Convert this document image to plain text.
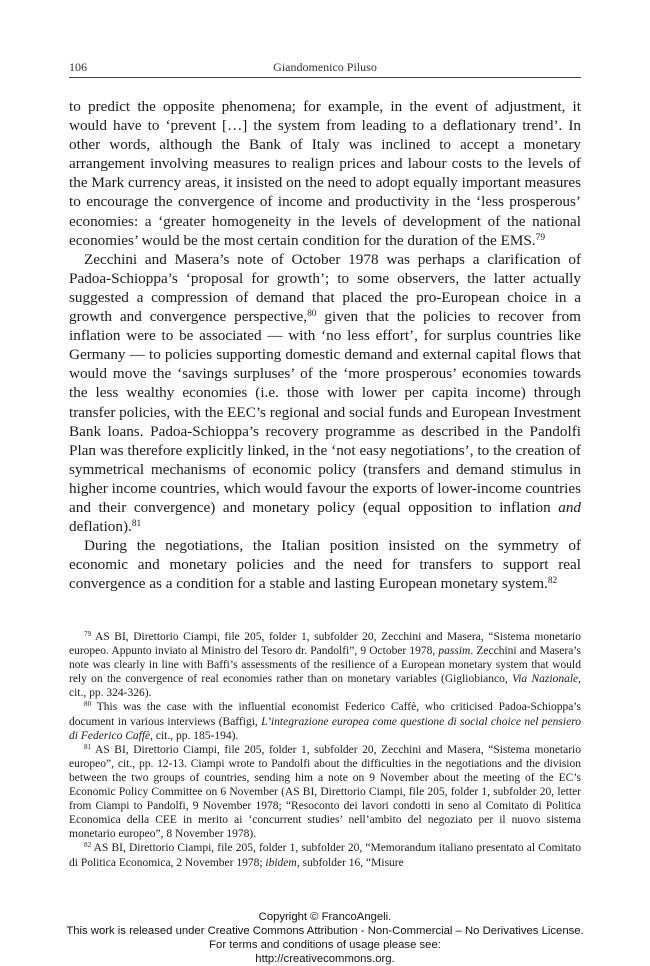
106	Giandomenico Piluso

to predict the opposite phenomena; for example, in the event of adjustment, it would have to ‘prevent […] the system from leading to a deflationary trend’. In other words, although the Bank of Italy was inclined to accept a monetary arrangement involving measures to realign prices and labour costs to the levels of the Mark currency areas, it insisted on the need to adopt equally important measures to encourage the convergence of income and productivity in the ‘less prosperous’ economies: a ‘greater homogeneity in the levels of development of the national economies’ would be the most certain condition for the duration of the EMS.$^{79}$

Zecchini and Masera’s note of October 1978 was perhaps a clarification of Padoa-Schioppa’s ‘proposal for growth’; to some observers, the latter actually suggested a compression of demand that placed the pro-European choice in a growth and convergence perspective,$^{80}$ given that the policies to recover from inflation were to be associated — with ‘no less effort’, for surplus countries like Germany — to policies supporting domestic demand and external capital flows that would move the ‘savings surpluses’ of the ‘more prosperous’ economies towards the less wealthy economies (i.e. those with lower per capita income) through transfer policies, with the EEC’s regional and social funds and European Investment Bank loans. Padoa-Schioppa’s recovery programme as described in the Pandolfi Plan was therefore explicitly linked, in the ‘not easy negotiations’, to the creation of symmetrical mechanisms of economic policy (transfers and demand stimulus in higher income countries, which would favour the exports of lower-income countries and their convergence) and monetary policy (equal opposition to inflation and deflation).$^{81}$

During the negotiations, the Italian position insisted on the symmetry of economic and monetary policies and the need for transfers to support real convergence as a condition for a stable and lasting European monetary system.$^{82}$

$^{79}$ AS BI, Direttorio Ciampi, file 205, folder 1, subfolder 20, Zecchini and Masera, “Sistema monetario europeo. Appunto inviato al Ministro del Tesoro dr. Pandolfi”, 9 October 1978, passim. Zecchini and Masera’s note was clearly in line with Baffi’s assessments of the resilience of a European monetary system that would rely on the convergence of real economies rather than on monetary variables (Gigliobianco, Via Nazionale, cit., pp. 324-326).

$^{80}$ This was the case with the influential economist Federico Caffè, who criticised Padoa-Schioppa’s document in various interviews (Baffigi, L’integrazione europea come questione di social choice nel pensiero di Federico Caffè, cit., pp. 185-194).

$^{81}$ AS BI, Direttorio Ciampi, file 205, folder 1, subfolder 20, Zecchini and Masera, “Sistema monetario europeo”, cit., pp. 12-13. Ciampi wrote to Pandolfi about the difficulties in the negotiations and the division between the two groups of countries, sending him a note on 9 November about the meeting of the EC’s Economic Policy Committee on 6 November (AS BI, Direttorio Ciampi, file 205, folder 1, subfolder 20, letter from Ciampi to Pandolfi, 9 November 1978; “Resoconto dei lavori condotti in seno al Comitato di Politica Economica della CEE in merito ai ‘concurrent studies’ nell’ambito del negoziato per il nuovo sistema monetario europeo”, 8 November 1978).

$^{82}$ AS BI, Direttorio Ciampi, file 205, folder 1, subfolder 20, “Memorandum italiano presentato al Comitato di Politica Economica, 2 November 1978; ibidem, subfolder 16, “Misure

Copyright © FrancoAngeli.
This work is released under Creative Commons Attribution - Non-Commercial – No Derivatives License.
For terms and conditions of usage please see:
http://creativecommons.org.
